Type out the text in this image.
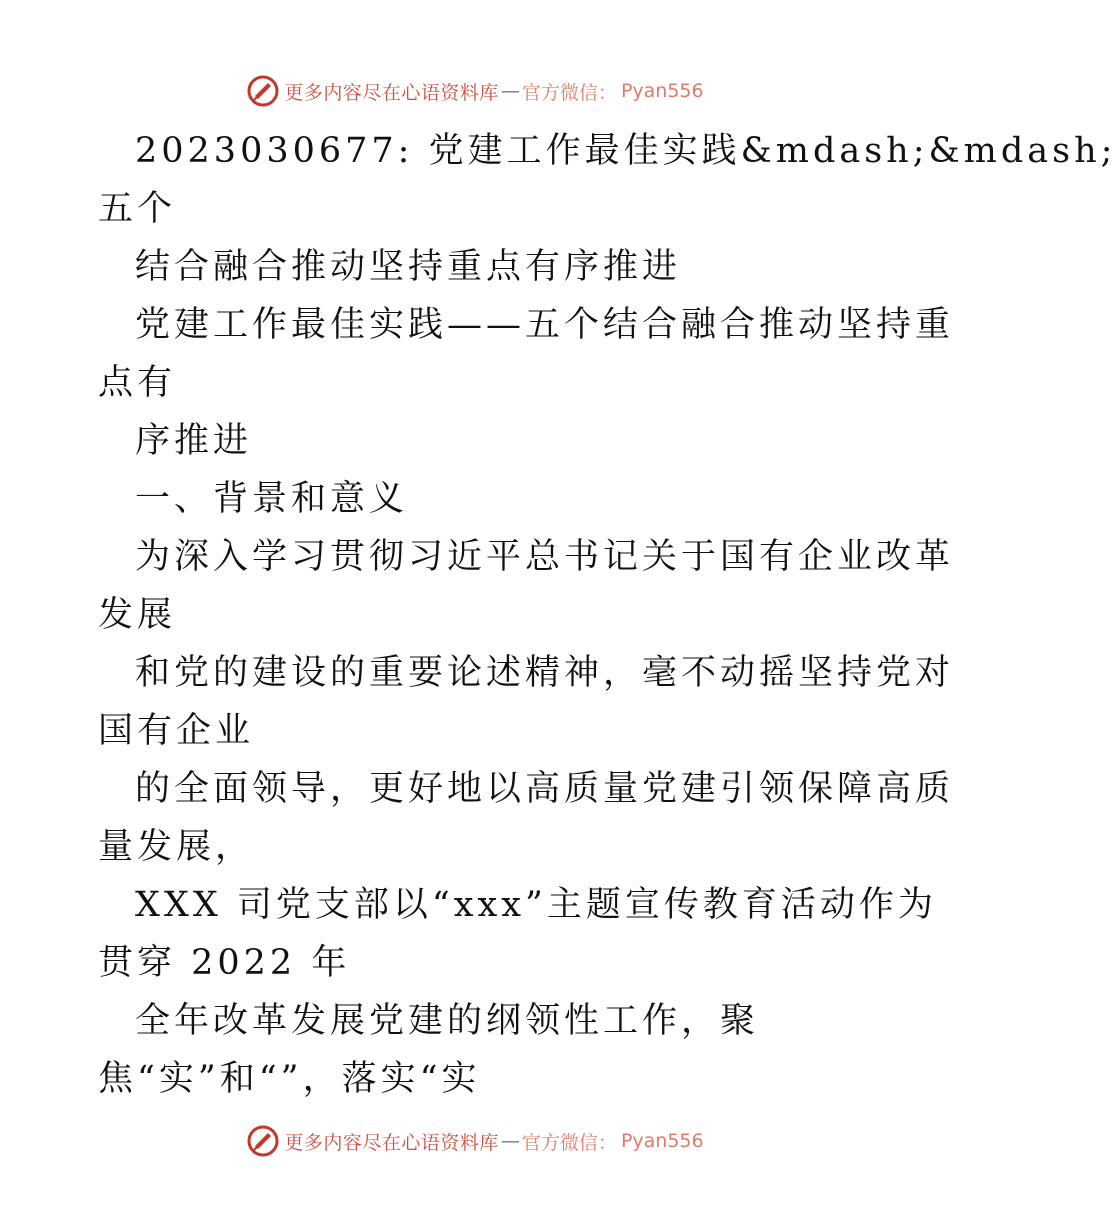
更多内容尽在心语资料库 — 官方微信： Pyan556
2023030677: 党建工作最佳实践&mdash;&mdash;
五个
结合融合推动坚持重点有序推进
党建工作最佳实践——五个结合融合推动坚持重
点有
序推进
一、背景和意义
为深入学习贯彻习近平总书记关于国有企业改革
发展
和党的建设的重要论述精神，毫不动摇坚持党对
国有企业
的全面领导，更好地以高质量党建引领保障高质
量发展，
XXX 司党支部以“xxx”主题宣传教育活动作为
贯穿 2022 年
全年改革发展党建的纲领性工作，聚
焦“实”和“”，落实“实
更多内容尽在心语资料库 — 官方微信： Pyan556
